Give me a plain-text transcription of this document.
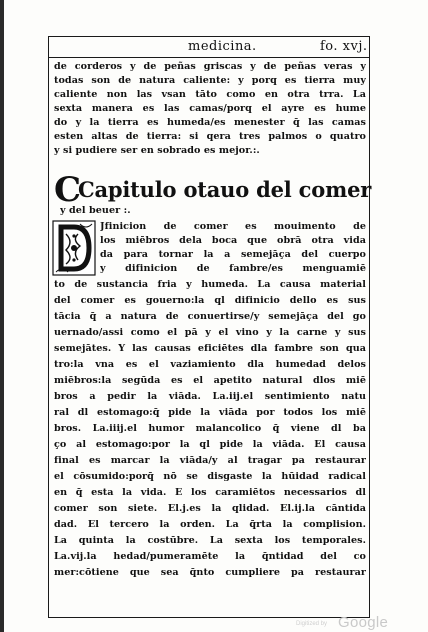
medicina.	fo. xvj.
de corderos y de peñas griscas y de peñas veras y
todas son de natura caliente: y porq es tierra muy
caliente non las vsan tāto como en otra trra. La
sexta manera es las camas/porq el ayre es hume
do y la tierra es humeda/es menester q̄ las camas
esten altas de tierra: si qera tres palmos o quatro
y si pudiere ser en sobrado es mejor.:.
C
Capitulo otauo del comer
y del beuer :.
Jfinicion de comer es mouimento de
los miēbros dela boca que obrā otra vida
da para tornar la a semejāça del cuerpo
y difinicion de fambre/es menguamiē
to de sustancia fria y humeda. La causa material
del comer es gouerno:la ql difinicio dello es sus
tācia q̄ a natura de conuertirse/y semejāça del go
uernado/assi como el pā y el vino y la carne y sus
semejātes. Y las causas eficiētes dla fambre son qua
tro:la vna es el vaziamiento dla humedad delos
miēbros:la segūda es el apetito natural dlos miē
bros a pedir la viāda. La.iij.el sentimiento natu
ral dl estomago:q̄ pide la viāda por todos los miē
bros. La.iiij.el humor malancolico q̄ viene dl ba
ço al estomago:por la ql pide la viāda. El causa
final es marcar la viāda/y al tragar pa restaurar
el cōsumido:porq̄ nō se disgaste la hūidad radical
en q̄ esta la vida. E los caramiētos necessarios dl
comer son siete. El.j.es la qlidad. El.ij.la cāntida
dad. El tercero la orden. La q̄rta la complision.
La quinta la costūbre. La sexta los temporales.
La.vij.la hedad/pumeramēte la q̄ntidad del co
mer:cōtiene que sea q̄nto cumpliere pa restaurar
Digitized by Google
